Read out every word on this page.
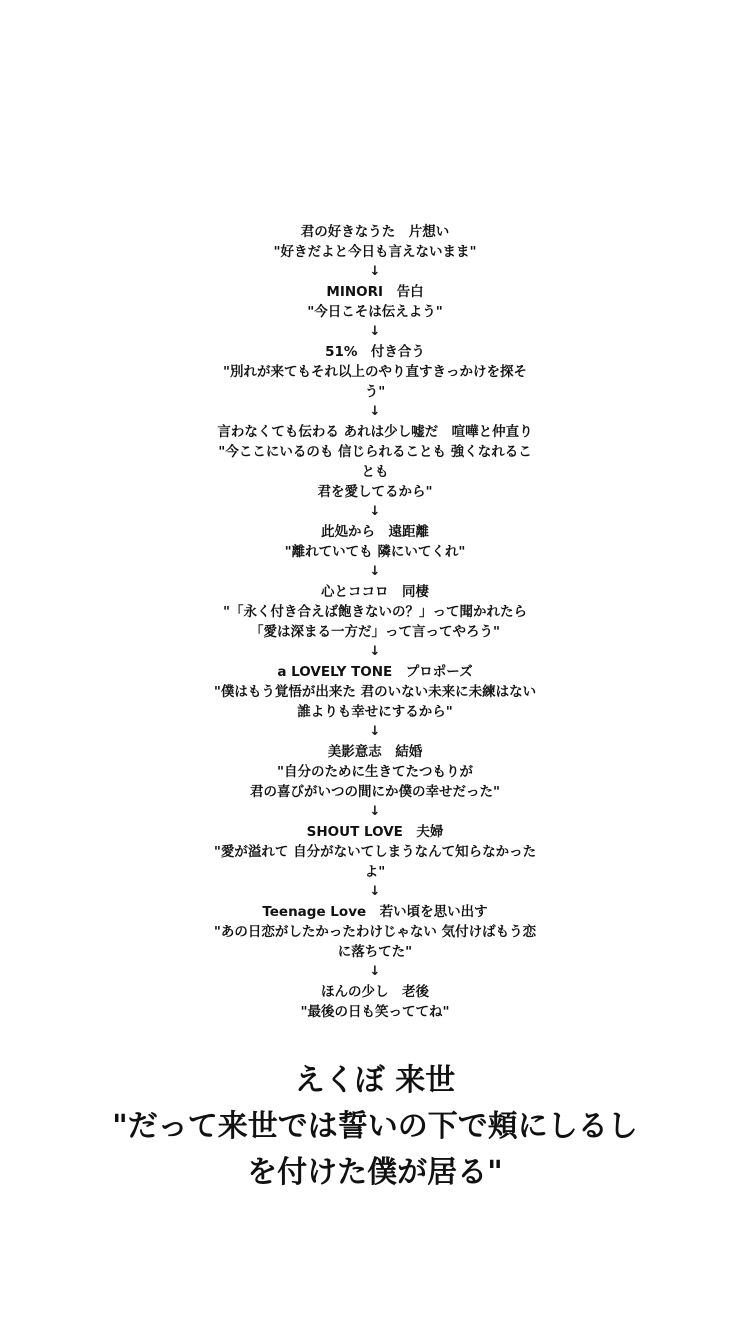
君の好きなうた　片想い
"好きだよと今日も言えないまま"
↓
MINORI　告白
"今日こそは伝えよう"
↓
51%　付き合う
"別れが来てもそれ以上のやり直すきっかけを探そ
う"
↓
言わなくても伝わる あれは少し嘘だ　喧嘩と仲直り
"今ここにいるのも 信じられることも 強くなれるこ
とも
君を愛してるから"
↓
此処から　遠距離
"離れていても 隣にいてくれ"
↓
心とココロ　同棲
"「永く付き合えば飽きないの？」って聞かれたら
「愛は深まる一方だ」って言ってやろう"
↓
a LOVELY TONE　プロポーズ
"僕はもう覚悟が出来た 君のいない未来に未練はない
誰よりも幸せにするから"
↓
美影意志　結婚
"自分のために生きてたつもりが
君の喜びがいつの間にか僕の幸せだった"
↓
SHOUT LOVE　夫婦
"愛が溢れて 自分がないてしまうなんて知らなかった
よ"
↓
Teenage Love　若い頃を思い出す
"あの日恋がしたかったわけじゃない 気付けばもう恋
に落ちてた"
↓
ほんの少し　老後
"最後の日も笑っててね"
えくぼ 来世
"だって来世では誓いの下で頬にしるし
を付けた僕が居る"
